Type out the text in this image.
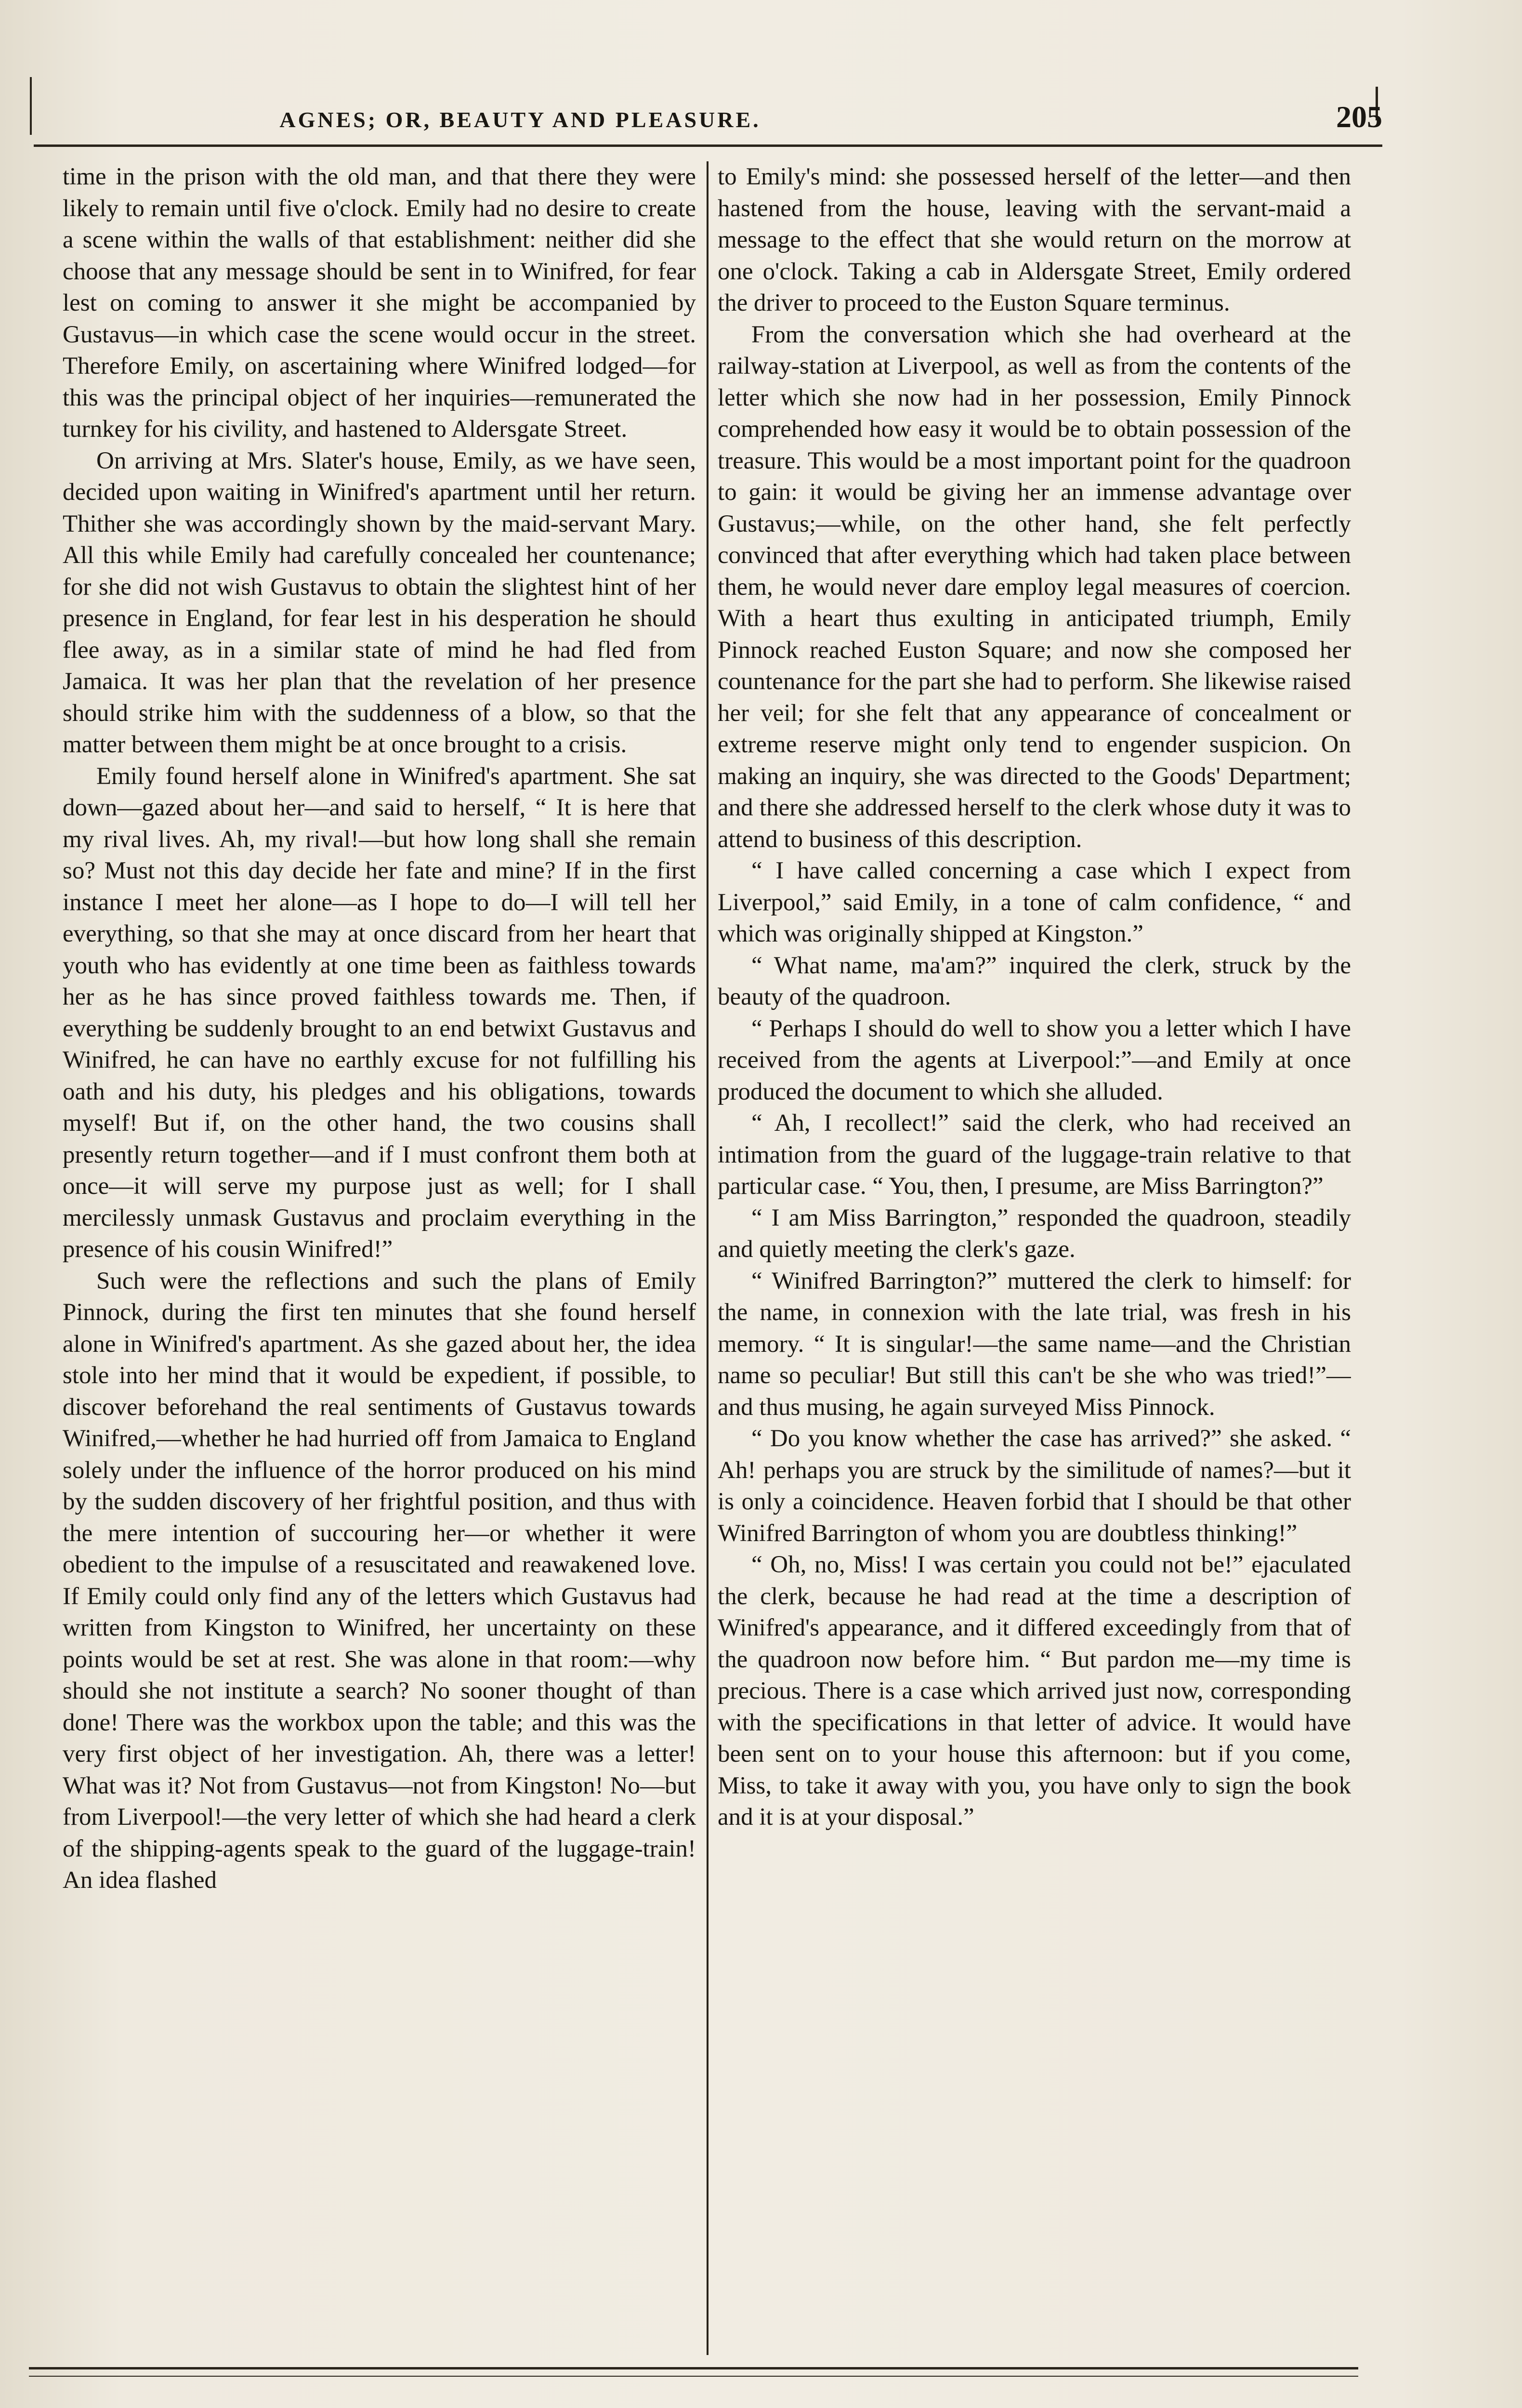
AGNES; OR, BEAUTY AND PLEASURE.	205

time in the prison with the old man, and that there they were likely to remain until five o'clock. Emily had no desire to create a scene within the walls of that establishment: neither did she choose that any message should be sent in to Winifred, for fear lest on coming to answer it she might be accompanied by Gustavus—in which case the scene would occur in the street. Therefore Emily, on ascertaining where Winifred lodged—for this was the principal object of her inquiries—remunerated the turnkey for his civility, and hastened to Aldersgate Street.

On arriving at Mrs. Slater's house, Emily, as we have seen, decided upon waiting in Winifred's apartment until her return. Thither she was accordingly shown by the maid-servant Mary. All this while Emily had carefully concealed her countenance; for she did not wish Gustavus to obtain the slightest hint of her presence in England, for fear lest in his desperation he should flee away, as in a similar state of mind he had fled from Jamaica. It was her plan that the revelation of her presence should strike him with the suddenness of a blow, so that the matter between them might be at once brought to a crisis.

Emily found herself alone in Winifred's apartment. She sat down—gazed about her—and said to herself, “ It is here that my rival lives. Ah, my rival!—but how long shall she remain so? Must not this day decide her fate and mine? If in the first instance I meet her alone—as I hope to do—I will tell her everything, so that she may at once discard from her heart that youth who has evidently at one time been as faithless towards her as he has since proved faithless towards me. Then, if everything be suddenly brought to an end betwixt Gustavus and Winifred, he can have no earthly excuse for not fulfilling his oath and his duty, his pledges and his obligations, towards myself! But if, on the other hand, the two cousins shall presently return together—and if I must confront them both at once—it will serve my purpose just as well; for I shall mercilessly unmask Gustavus and proclaim everything in the presence of his cousin Winifred!”

Such were the reflections and such the plans of Emily Pinnock, during the first ten minutes that she found herself alone in Winifred's apartment. As she gazed about her, the idea stole into her mind that it would be expedient, if possible, to discover beforehand the real sentiments of Gustavus towards Winifred,—whether he had hurried off from Jamaica to England solely under the influence of the horror produced on his mind by the sudden discovery of her frightful position, and thus with the mere intention of succouring her—or whether it were obedient to the impulse of a resuscitated and reawakened love. If Emily could only find any of the letters which Gustavus had written from Kingston to Winifred, her uncertainty on these points would be set at rest. She was alone in that room:—why should she not institute a search? No sooner thought of than done! There was the workbox upon the table; and this was the very first object of her investigation. Ah, there was a letter! What was it? Not from Gustavus—not from Kingston! No—but from Liverpool!—the very letter of which she had heard a clerk of the shipping-agents speak to the guard of the luggage-train! An idea flashed

to Emily's mind: she possessed herself of the letter—and then hastened from the house, leaving with the servant-maid a message to the effect that she would return on the morrow at one o'clock. Taking a cab in Aldersgate Street, Emily ordered the driver to proceed to the Euston Square terminus.

From the conversation which she had overheard at the railway-station at Liverpool, as well as from the contents of the letter which she now had in her possession, Emily Pinnock comprehended how easy it would be to obtain possession of the treasure. This would be a most important point for the quadroon to gain: it would be giving her an immense advantage over Gustavus;—while, on the other hand, she felt perfectly convinced that after everything which had taken place between them, he would never dare employ legal measures of coercion. With a heart thus exulting in anticipated triumph, Emily Pinnock reached Euston Square; and now she composed her countenance for the part she had to perform. She likewise raised her veil; for she felt that any appearance of concealment or extreme reserve might only tend to engender suspicion. On making an inquiry, she was directed to the Goods' Department; and there she addressed herself to the clerk whose duty it was to attend to business of this description.

“ I have called concerning a case which I expect from Liverpool,” said Emily, in a tone of calm confidence, “ and which was originally shipped at Kingston.”

“ What name, ma'am?” inquired the clerk, struck by the beauty of the quadroon.

“ Perhaps I should do well to show you a letter which I have received from the agents at Liverpool:”—and Emily at once produced the document to which she alluded.

“ Ah, I recollect!” said the clerk, who had received an intimation from the guard of the luggage-train relative to that particular case. “ You, then, I presume, are Miss Barrington?”

“ I am Miss Barrington,” responded the quadroon, steadily and quietly meeting the clerk's gaze.

“ Winifred Barrington?” muttered the clerk to himself: for the name, in connexion with the late trial, was fresh in his memory. “ It is singular!—the same name—and the Christian name so peculiar! But still this can't be she who was tried!”—and thus musing, he again surveyed Miss Pinnock.

“ Do you know whether the case has arrived?” she asked. “ Ah! perhaps you are struck by the similitude of names?—but it is only a coincidence. Heaven forbid that I should be that other Winifred Barrington of whom you are doubtless thinking!”

“ Oh, no, Miss! I was certain you could not be!” ejaculated the clerk, because he had read at the time a description of Winifred's appearance, and it differed exceedingly from that of the quadroon now before him. “ But pardon me—my time is precious. There is a case which arrived just now, corresponding with the specifications in that letter of advice. It would have been sent on to your house this afternoon: but if you come, Miss, to take it away with you, you have only to sign the book and it is at your disposal.”
